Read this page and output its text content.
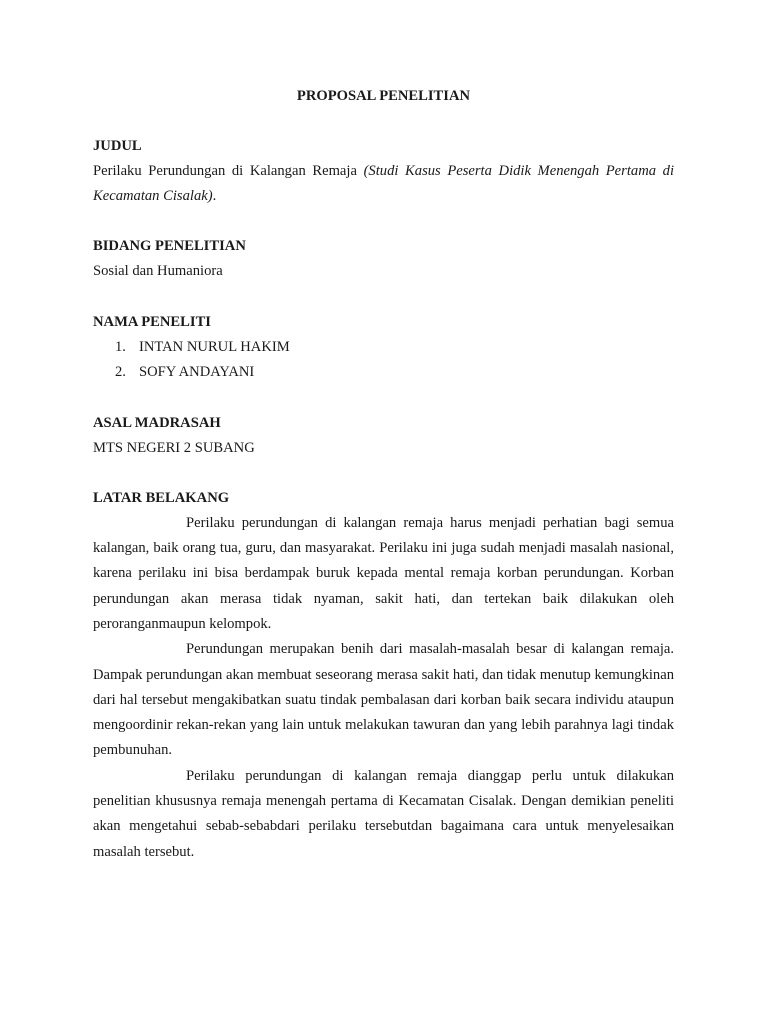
PROPOSAL PENELITIAN

JUDUL

Perilaku Perundungan di Kalangan Remaja (Studi Kasus Peserta Didik Menengah Pertama di Kecamatan Cisalak).

BIDANG PENELITIAN

Sosial dan Humaniora

NAMA PENELITI

1. INTAN NURUL HAKIM
2. SOFY ANDAYANI

ASAL MADRASAH

MTS NEGERI 2 SUBANG

LATAR BELAKANG

Perilaku perundungan di kalangan remaja harus menjadi perhatian bagi semua kalangan, baik orang tua, guru, dan masyarakat. Perilaku ini juga sudah menjadi masalah nasional, karena perilaku ini bisa berdampak buruk kepada mental remaja korban perundungan. Korban perundungan akan merasa tidak nyaman, sakit hati, dan tertekan baik dilakukan oleh peroranganmaupun kelompok.

Perundungan merupakan benih dari masalah-masalah besar di kalangan remaja. Dampak perundungan akan membuat seseorang merasa sakit hati, dan tidak menutup kemungkinan dari hal tersebut mengakibatkan suatu tindak pembalasan dari korban baik secara individu ataupun mengoordinir rekan-rekan yang lain untuk melakukan tawuran dan yang lebih parahnya lagi tindak pembunuhan.

Perilaku perundungan di kalangan remaja dianggap perlu untuk dilakukan penelitian khususnya remaja menengah pertama di Kecamatan Cisalak. Dengan demikian peneliti akan mengetahui sebab-sebabdari perilaku tersebutdan bagaimana cara untuk menyelesaikan masalah tersebut.
